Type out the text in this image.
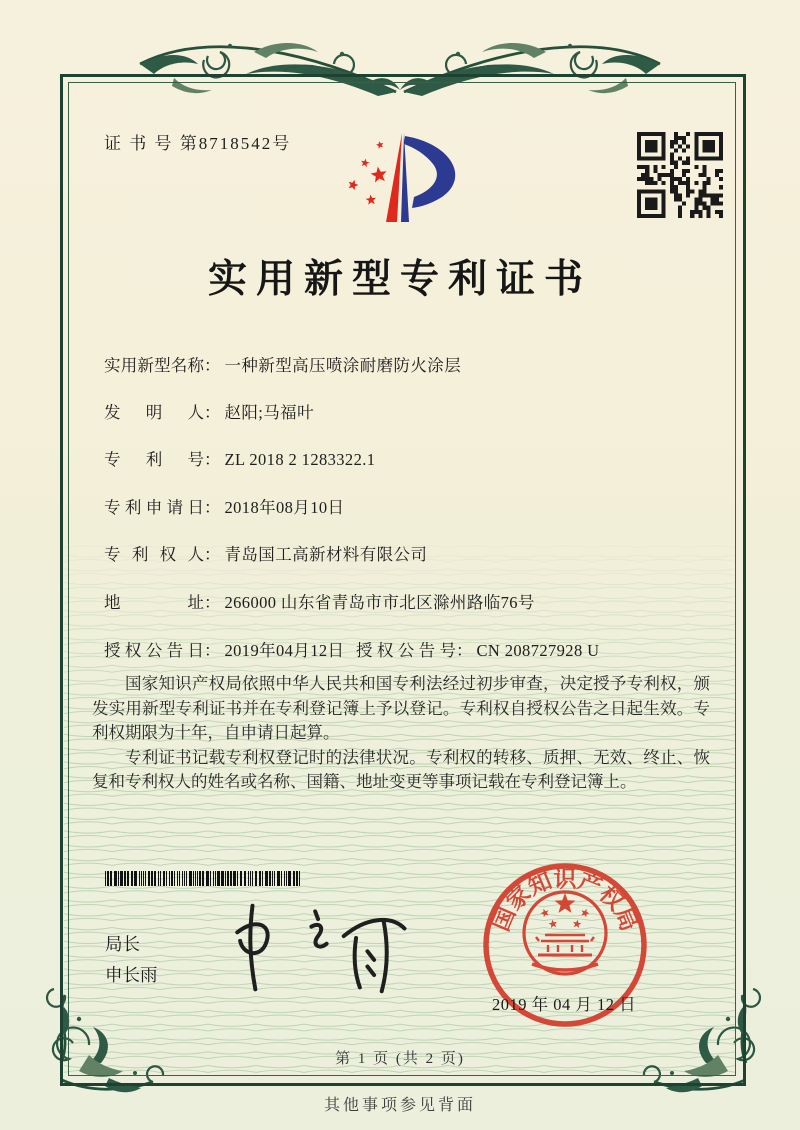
证 书 号 第8718542号
实用新型专利证书
实用新型名称： 一种新型高压喷涂耐磨防火涂层
发明人： 赵阳;马福叶
专利号： ZL 2018 2 1283322.1
专利申请日： 2018年08月10日
专利权人： 青岛国工高新材料有限公司
地址： 266000 山东省青岛市市北区滁州路临76号
授权公告日： 2019年04月12日 授权公告号： CN 208727928 U

国家知识产权局依照中华人民共和国专利法经过初步审查，决定授予专利权，颁发实用新型专利证书并在专利登记簿上予以登记。专利权自授权公告之日起生效。专利权期限为十年，自申请日起算。

专利证书记载专利权登记时的法律状况。专利权的转移、质押、无效、终止、恢复和专利权人的姓名或名称、国籍、地址变更等事项记载在专利登记簿上。

局长
申长雨
国
家
知
识
产
权
局
2019 年 04 月 12 日
第 1 页 (共 2 页)
其他事项参见背面
